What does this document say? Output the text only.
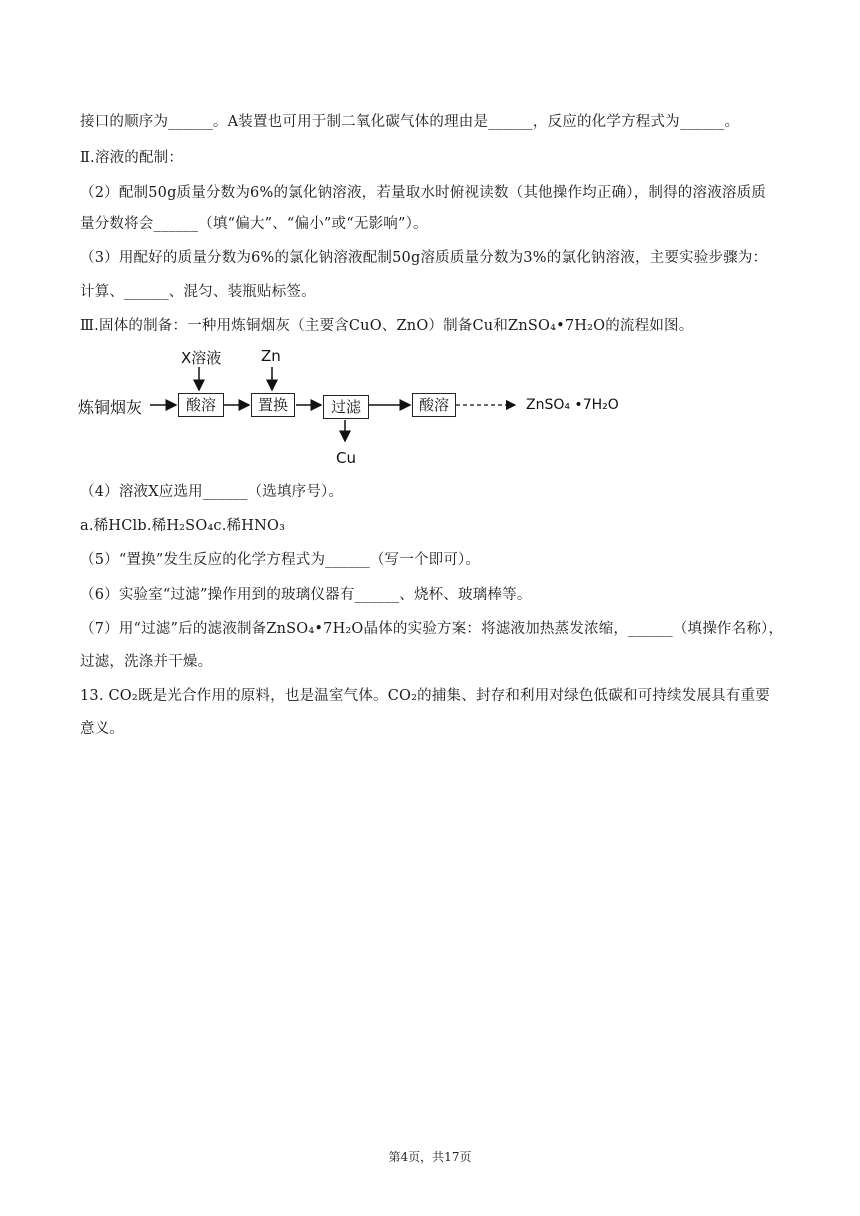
接口的顺序为______。A装置也可用于制二氧化碳气体的理由是______，反应的化学方程式为______。
Ⅱ.溶液的配制：
（2）配制50g质量分数为6%的氯化钠溶液，若量取水时俯视读数（其他操作均正确），制得的溶液溶质质
量分数将会______（填“偏大”、“偏小”或“无影响”）。
（3）用配好的质量分数为6%的氯化钠溶液配制50g溶质质量分数为3%的氯化钠溶液，主要实验步骤为：
计算、______、混匀、装瓶贴标签。
Ⅲ.固体的制备：一种用炼铜烟灰（主要含CuO、ZnO）制备Cu和ZnSO₄•7H₂O的流程如图。
炼铜烟灰
X溶液	Zn
酸溶	置换	过滤	酸溶
Cu
ZnSO₄ •7H₂O
（4）溶液X应选用______（选填序号）。
a.稀HClb.稀H₂SO₄c.稀HNO₃
（5）“置换”发生反应的化学方程式为______（写一个即可）。
（6）实验室“过滤”操作用到的玻璃仪器有______、烧杯、玻璃棒等。
（7）用“过滤”后的滤液制备ZnSO₄•7H₂O晶体的实验方案：将滤液加热蒸发浓缩，______（填操作名称），
过滤，洗涤并干燥。
13. CO₂既是光合作用的原料，也是温室气体。CO₂的捕集、封存和利用对绿色低碳和可持续发展具有重要
意义。
第4页，共17页
